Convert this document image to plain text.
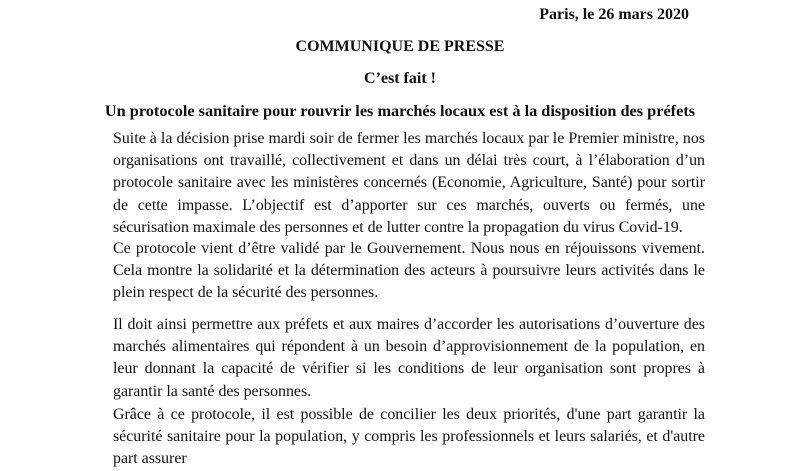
Paris, le 26 mars 2020
COMMUNIQUE DE PRESSE
C’est fait !
Un protocole sanitaire pour rouvrir les marchés locaux est à la disposition des préfets

Suite à la décision prise mardi soir de fermer les marchés locaux par le Premier ministre, nos organisations ont travaillé, collectivement et dans un délai très court, à l’élaboration d’un protocole sanitaire avec les ministères concernés (Economie, Agriculture, Santé) pour sortir de cette impasse. L’objectif est d’apporter sur ces marchés, ouverts ou fermés, une sécurisation maximale des personnes et de lutter contre la propagation du virus Covid-19.

Ce protocole vient d’être validé par le Gouvernement. Nous nous en réjouissons vivement. Cela montre la solidarité et la détermination des acteurs à poursuivre leurs activités dans le plein respect de la sécurité des personnes.

Il doit ainsi permettre aux préfets et aux maires d’accorder les autorisations d’ouverture des marchés alimentaires qui répondent à un besoin d’approvisionnement de la population, en leur donnant la capacité de vérifier si les conditions de leur organisation sont propres à garantir la santé des personnes.

Grâce à ce protocole, il est possible de concilier les deux priorités, d'une part garantir la sécurité sanitaire pour la population, y compris les professionnels et leurs salariés, et d'autre part assurer
